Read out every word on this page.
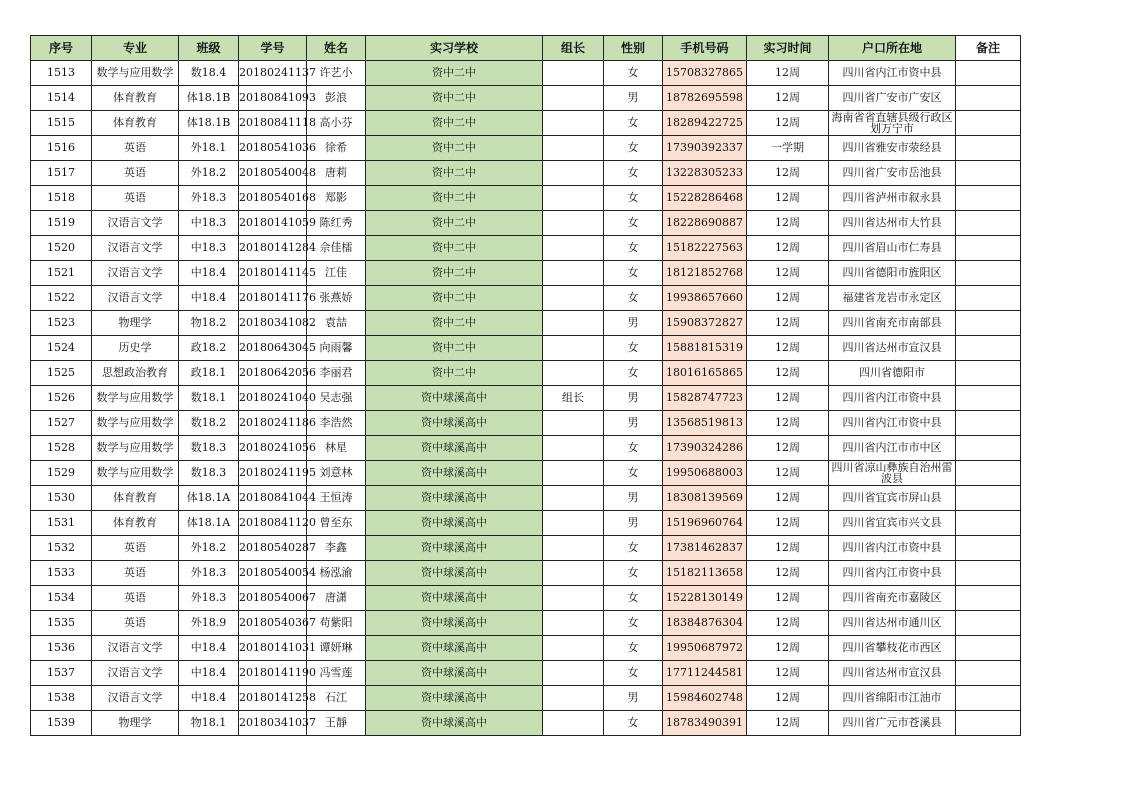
序号	专业	班级	学号	姓名	实习学校	组长	性别	手机号码	实习时间	户口所在地	备注
1513	数学与应用数学	数18.4	20180241137	许艺小	资中二中		女	15708327865	12周	四川省内江市资中县	
1514	体育教育	体18.1B	20180841093	彭浪	资中二中		男	18782695598	12周	四川省广安市广安区	
1515	体育教育	体18.1B	20180841118	高小芬	资中二中		女	18289422725	12周	海南省省直辖县级行政区划万宁市	
1516	英语	外18.1	20180541036	徐希	资中二中		女	17390392337	一学期	四川省雅安市荥经县	
1517	英语	外18.2	20180540048	唐莉	资中二中		女	13228305233	12周	四川省广安市岳池县	
1518	英语	外18.3	20180540168	郑影	资中二中		女	15228286468	12周	四川省泸州市叙永县	
1519	汉语言文学	中18.3	20180141059	陈红秀	资中二中		女	18228690887	12周	四川省达州市大竹县	
1520	汉语言文学	中18.3	20180141284	佘佳檑	资中二中		女	15182227563	12周	四川省眉山市仁寿县	
1521	汉语言文学	中18.4	20180141145	江佳	资中二中		女	18121852768	12周	四川省德阳市旌阳区	
1522	汉语言文学	中18.4	20180141176	张燕娇	资中二中		女	19938657660	12周	福建省龙岩市永定区	
1523	物理学	物18.2	20180341082	袁喆	资中二中		男	15908372827	12周	四川省南充市南部县	
1524	历史学	政18.2	20180643045	向雨馨	资中二中		女	15881815319	12周	四川省达州市宣汉县	
1525	思想政治教育	政18.1	20180642056	李丽君	资中二中		女	18016165865	12周	四川省德阳市	
1526	数学与应用数学	数18.1	20180241040	吴志强	资中球溪高中	组长	男	15828747723	12周	四川省内江市资中县	
1527	数学与应用数学	数18.2	20180241186	李浩然	资中球溪高中		男	13568519813	12周	四川省内江市资中县	
1528	数学与应用数学	数18.3	20180241056	林星	资中球溪高中		女	17390324286	12周	四川省内江市市中区	
1529	数学与应用数学	数18.3	20180241195	刘意林	资中球溪高中		女	19950688003	12周	四川省凉山彝族自治州雷波县	
1530	体育教育	体18.1A	20180841044	王恒涛	资中球溪高中		男	18308139569	12周	四川省宜宾市屏山县	
1531	体育教育	体18.1A	20180841120	曾至东	资中球溪高中		男	15196960764	12周	四川省宜宾市兴文县	
1532	英语	外18.2	20180540287	李鑫	资中球溪高中		女	17381462837	12周	四川省内江市资中县	
1533	英语	外18.3	20180540054	杨泓渝	资中球溪高中		女	15182113658	12周	四川省内江市资中县	
1534	英语	外18.3	20180540067	唐潇	资中球溪高中		女	15228130149	12周	四川省南充市嘉陵区	
1535	英语	外18.9	20180540367	苟紫阳	资中球溪高中		女	18384876304	12周	四川省达州市通川区	
1536	汉语言文学	中18.4	20180141031	谭妍琳	资中球溪高中		女	19950687972	12周	四川省攀枝花市西区	
1537	汉语言文学	中18.4	20180141190	冯雪莲	资中球溪高中		女	17711244581	12周	四川省达州市宣汉县	
1538	汉语言文学	中18.4	20180141258	石江	资中球溪高中		男	15984602748	12周	四川省绵阳市江油市	
1539	物理学	物18.1	20180341037	王靜	资中球溪高中		女	18783490391	12周	四川省广元市苍溪县	
